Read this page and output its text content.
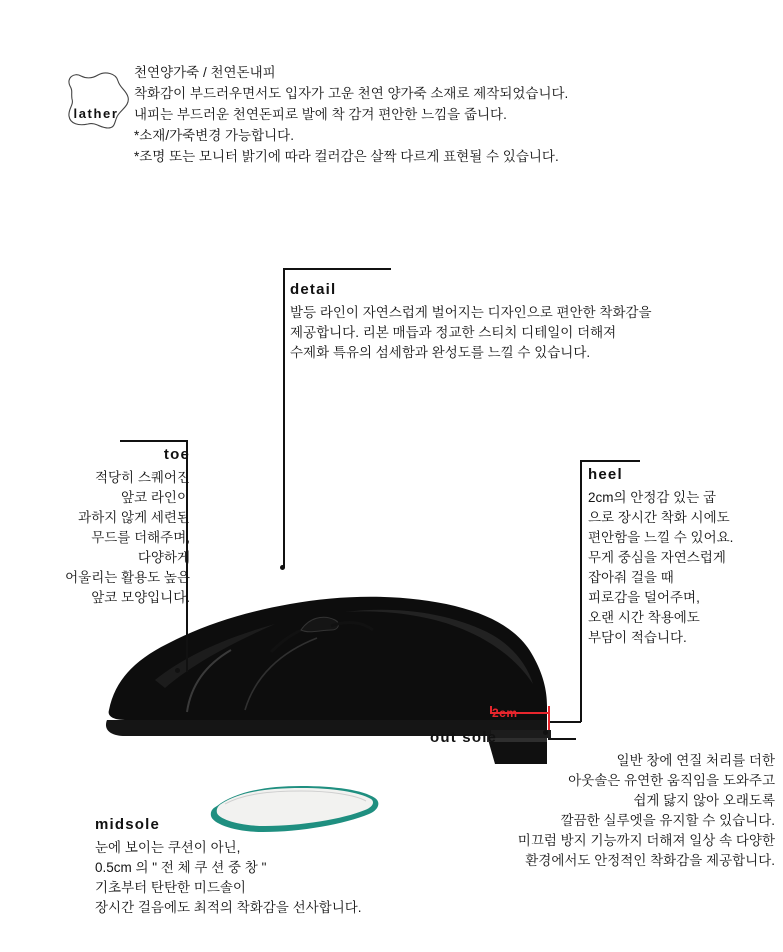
lather
천연양가죽 / 천연돈내피
착화감이 부드러우면서도 입자가 고운 천연 양가죽 소재로 제작되었습니다.
내피는 부드러운 천연돈피로 발에 착 감겨 편안한 느낌을 줍니다.
*소재/가죽변경 가능합니다.
*조명 또는 모니터 밝기에 따라 컬러감은 살짝 다르게 표현될 수 있습니다.
detail
발등 라인이 자연스럽게 벌어지는 디자인으로 편안한 착화감을
제공합니다. 리본 매듭과 정교한 스티치 디테일이 더해져
수제화 특유의 섬세함과 완성도를 느낄 수 있습니다.
toe
적당히 스퀘어진
앞코 라인이
과하지 않게 세련된
무드를 더해주며,
다양하게
어울리는 활용도 높은
앞코 모양입니다.
heel
2cm의 안정감 있는 굽
으로 장시간 착화 시에도
편안함을 느낄 수 있어요.
무게 중심을 자연스럽게
잡아줘 걸을 때
피로감을 덜어주며,
오랜 시간 착용에도
부담이 적습니다.
out sole
일반 창에 연질 처리를 더한
아웃솔은 유연한 움직임을 도와주고
쉽게 닳지 않아 오래도록
깔끔한 실루엣을 유지할 수 있습니다.
미끄럼 방지 기능까지 더해져 일상 속 다양한
환경에서도 안정적인 착화감을 제공합니다.
midsole
눈에 보이는 쿠션이 아닌,
0.5cm 의 " 전 체 쿠 션 중 창 "
기초부터 탄탄한 미드솔이
장시간 걸음에도 최적의 착화감을 선사합니다.
